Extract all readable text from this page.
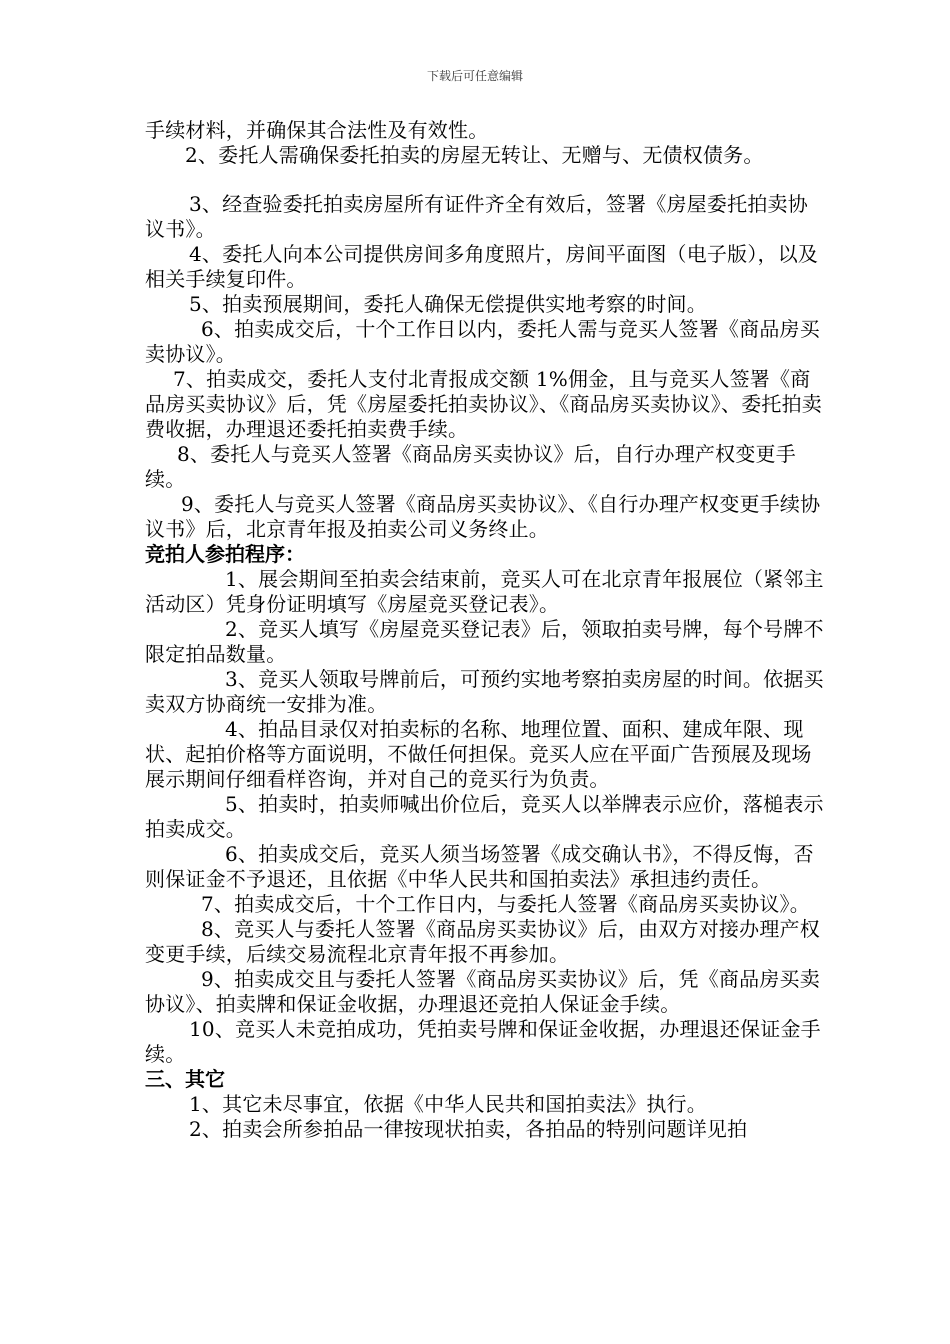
下载后可任意编辑

手续材料，并确保其合法性及有效性。

2、委托人需确保委托拍卖的房屋无转让、无赠与、无债权债务。

3、经查验委托拍卖房屋所有证件齐全有效后，签署《房屋委托拍卖协议书》。

4、委托人向本公司提供房间多角度照片，房间平面图（电子版），以及相关手续复印件。

5、拍卖预展期间，委托人确保无偿提供实地考察的时间。

6、拍卖成交后，十个工作日以内，委托人需与竞买人签署《商品房买卖协议》。

7、拍卖成交，委托人支付北青报成交额 1%佣金，且与竞买人签署《商品房买卖协议》后，凭《房屋委托拍卖协议》、《商品房买卖协议》、委托拍卖费收据，办理退还委托拍卖费手续。

8、委托人与竞买人签署《商品房买卖协议》后，自行办理产权变更手续。

9、委托人与竞买人签署《商品房买卖协议》、《自行办理产权变更手续协议书》后，北京青年报及拍卖公司义务终止。

竞拍人参拍程序：

1、展会期间至拍卖会结束前，竞买人可在北京青年报展位（紧邻主活动区）凭身份证明填写《房屋竞买登记表》。

2、竞买人填写《房屋竞买登记表》后，领取拍卖号牌，每个号牌不限定拍品数量。

3、竞买人领取号牌前后，可预约实地考察拍卖房屋的时间。依据买卖双方协商统一安排为准。

4、拍品目录仅对拍卖标的名称、地理位置、面积、建成年限、现状、起拍价格等方面说明，不做任何担保。竞买人应在平面广告预展及现场展示期间仔细看样咨询，并对自己的竞买行为负责。

5、拍卖时，拍卖师喊出价位后，竞买人以举牌表示应价，落槌表示拍卖成交。

6、拍卖成交后，竞买人须当场签署《成交确认书》，不得反悔，否则保证金不予退还，且依据《中华人民共和国拍卖法》承担违约责任。

7、拍卖成交后，十个工作日内，与委托人签署《商品房买卖协议》。

8、竞买人与委托人签署《商品房买卖协议》后，由双方对接办理产权变更手续，后续交易流程北京青年报不再参加。

9、拍卖成交且与委托人签署《商品房买卖协议》后，凭《商品房买卖协议》、拍卖牌和保证金收据，办理退还竞拍人保证金手续。

10、竞买人未竞拍成功，凭拍卖号牌和保证金收据，办理退还保证金手续。

三、其它

1、其它未尽事宜，依据《中华人民共和国拍卖法》执行。

2、拍卖会所参拍品一律按现状拍卖，各拍品的特别问题详见拍
